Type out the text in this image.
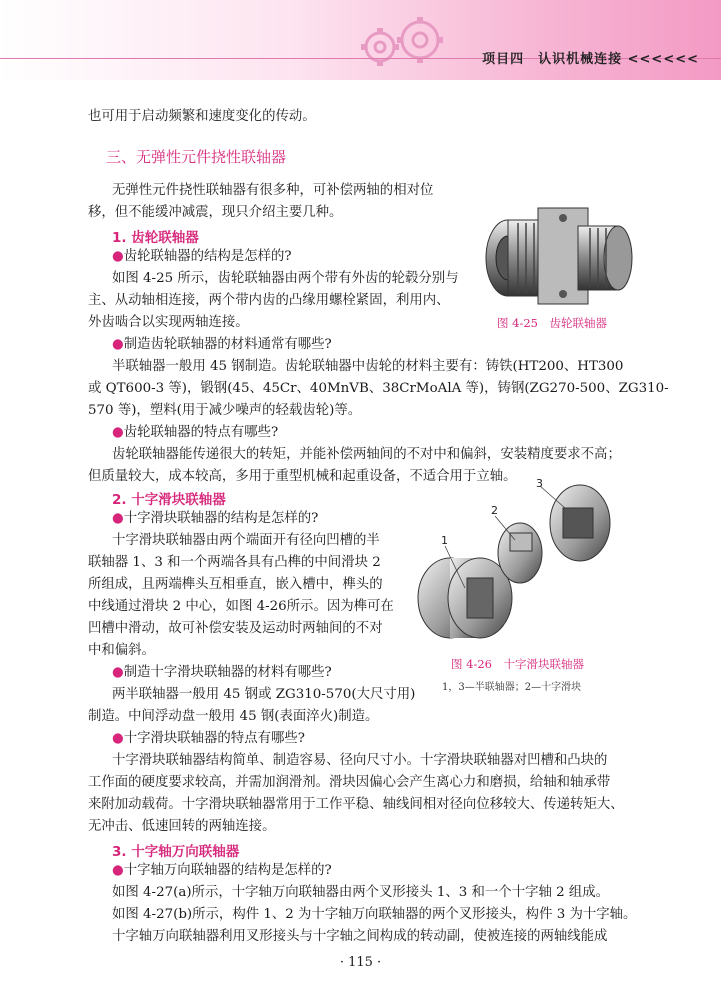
项目四　认识机械连接 <<<<<<
也可用于启动频繁和速度变化的传动。
三、无弹性元件挠性联轴器
无弹性元件挠性联轴器有很多种，可补偿两轴的相对位
移，但不能缓冲减震，现只介绍主要几种。
1. 齿轮联轴器
●齿轮联轴器的结构是怎样的?
如图 4-25 所示，齿轮联轴器由两个带有外齿的轮毂分别与
主、从动轴相连接，两个带内齿的凸缘用螺栓紧固，利用内、
外齿啮合以实现两轴连接。
●制造齿轮联轴器的材料通常有哪些?
半联轴器一般用 45 钢制造。齿轮联轴器中齿轮的材料主要有：铸铁(HT200、HT300
或 QT600-3 等)，锻钢(45、45Cr、40MnVB、38CrMoAlA 等)，铸钢(ZG270-500、ZG310-
570 等)，塑料(用于减少噪声的轻载齿轮)等。
●齿轮联轴器的特点有哪些?
齿轮联轴器能传递很大的转矩，并能补偿两轴间的不对中和偏斜，安装精度要求不高；
但质量较大，成本较高，多用于重型机械和起重设备，不适合用于立轴。
2. 十字滑块联轴器
●十字滑块联轴器的结构是怎样的?
十字滑块联轴器由两个端面开有径向凹槽的半
联轴器 1、3 和一个两端各具有凸榫的中间滑块 2
所组成，且两端榫头互相垂直，嵌入槽中，榫头的
中线通过滑块 2 中心，如图 4-26所示。因为榫可在
凹槽中滑动，故可补偿安装及运动时两轴间的不对
中和偏斜。
●制造十字滑块联轴器的材料有哪些?
两半联轴器一般用 45 钢或 ZG310-570(大尺寸用)
制造。中间浮动盘一般用 45 钢(表面淬火)制造。
●十字滑块联轴器的特点有哪些?
十字滑块联轴器结构简单、制造容易、径向尺寸小。十字滑块联轴器对凹槽和凸块的
工作面的硬度要求较高，并需加润滑剂。滑块因偏心会产生离心力和磨损，给轴和轴承带
来附加动载荷。十字滑块联轴器常用于工作平稳、轴线间相对径向位移较大、传递转矩大、
无冲击、低速回转的两轴连接。
3. 十字轴万向联轴器
●十字轴万向联轴器的结构是怎样的?
如图 4-27(a)所示，十字轴万向联轴器由两个叉形接头 1、3 和一个十字轴 2 组成。
如图 4-27(b)所示，构件 1、2 为十字轴万向联轴器的两个叉形接头，构件 3 为十字轴。
十字轴万向联轴器利用叉形接头与十字轴之间构成的转动副，使被连接的两轴线能成
图 4-25　齿轮联轴器
1
2
3
图 4-26　十字滑块联轴器
1，3—半联轴器；2—十字滑块
· 115 ·
